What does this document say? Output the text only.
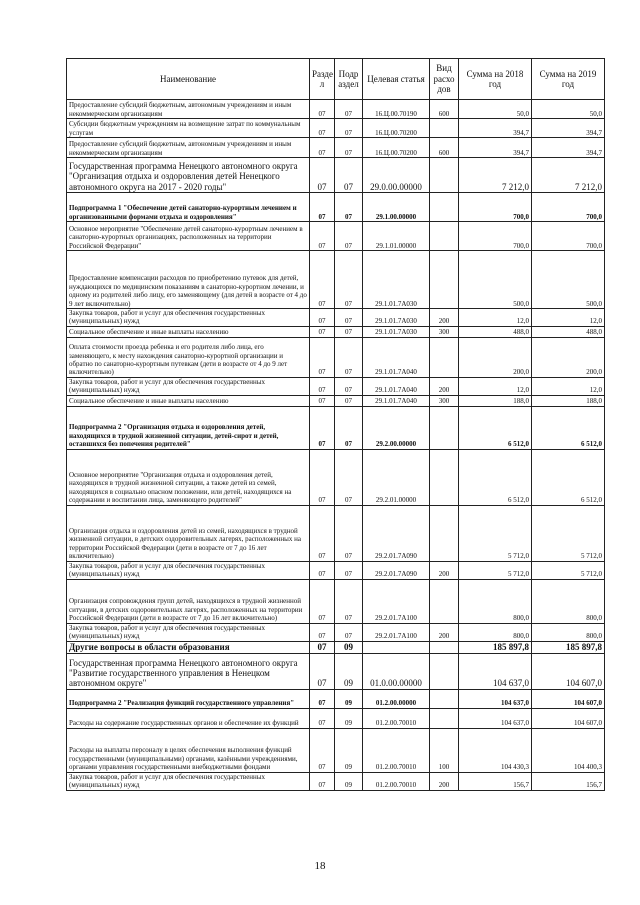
Наименование	Разде л	Подр аздел	Целевая статья	Вид расхо дов	Сумма на 2018 год	Сумма на 2019 год
Предоставление субсидий бюджетным, автономным учреждениям и иным некоммерческим организациям	07	07	16.Ц.00.70190	600	50,0	50,0
Субсидии бюджетным учреждениям на возмещение затрат по коммунальным услугам	07	07	16.Ц.00.70200		394,7	394,7
Предоставление субсидий бюджетным, автономным учреждениям и иным некоммерческим организациям	07	07	16.Ц.00.70200	600	394,7	394,7
Государственная программа Ненецкого автономного округа "Организация отдыха и оздоровления детей Ненецкого автономного округа на 2017 - 2020 годы"	07	07	29.0.00.00000		7 212,0	7 212,0
Подпрограмма 1 "Обеспечение детей санаторно-курортным лечением и организованными формами отдыха и оздоровления"	07	07	29.1.00.00000		700,0	700,0
Основное мероприятие "Обеспечение детей санаторно-курортным лечением в санаторно-курортных организациях, расположенных на территории Российской Федерации"	07	07	29.1.01.00000		700,0	700,0
Предоставление компенсации расходов по приобретению путевок для детей, нуждающихся по медицинским показаниям в санаторно-курортном лечении, и одному из родителей либо лицу, его заменяющему (для детей в возрасте от 4 до 9 лет включительно)	07	07	29.1.01.7А030		500,0	500,0
Закупка товаров, работ и услуг для обеспечения государственных (муниципальных) нужд	07	07	29.1.01.7А030	200	12,0	12,0
Социальное обеспечение и иные выплаты населению	07	07	29.1.01.7А030	300	488,0	488,0
Оплата стоимости проезда ребенка и его родителя либо лица, его заменяющего, к месту нахождения санаторно-курортной организации и обратно по санаторно-курортным путевкам (дети в возрасте от 4 до 9 лет включительно)	07	07	29.1.01.7А040		200,0	200,0
Закупка товаров, работ и услуг для обеспечения государственных (муниципальных) нужд	07	07	29.1.01.7А040	200	12,0	12,0
Социальное обеспечение и иные выплаты населению	07	07	29.1.01.7А040	300	188,0	188,0
Подпрограмма 2 "Организация отдыха и оздоровления детей, находящихся в трудной жизненной ситуации, детей-сирот и детей, оставшихся без попечения родителей"	07	07	29.2.00.00000		6 512,0	6 512,0
Основное мероприятие "Организация отдыха и оздоровления детей, находящихся в трудной жизненной ситуации, а также детей из семей, находящихся в социально опасном положении, или детей, находящихся на содержании и воспитании лица, заменяющего родителей"	07	07	29.2.01.00000		6 512,0	6 512,0
Организация отдыха и оздоровления детей из семей, находящихся в трудной жизненной ситуации, в детских оздоровительных лагерях, расположенных на территории Российской Федерации (дети в возрасте от 7 до 16 лет включительно)	07	07	29.2.01.7А090		5 712,0	5 712,0
Закупка товаров, работ и услуг для обеспечения государственных (муниципальных) нужд	07	07	29.2.01.7А090	200	5 712,0	5 712,0
Организация сопровождения групп детей, находящихся в трудной жизненной ситуации, в детских оздоровительных лагерях, расположенных на территории Российской Федерации (дети в возрасте от 7 до 16 лет включительно)	07	07	29.2.01.7А100		800,0	800,0
Закупка товаров, работ и услуг для обеспечения государственных (муниципальных) нужд	07	07	29.2.01.7А100	200	800,0	800,0
Другие вопросы в области образования	07	09			185 897,8	185 897,8
Государственная программа Ненецкого автономного округа "Развитие государственного управления в Ненецком автономном округе"	07	09	01.0.00.00000		104 637,0	104 607,0
Подпрограмма 2 "Реализация функций государственного управления"	07	09	01.2.00.00000		104 637,0	104 607,0
Расходы на содержание государственных органов и обеспечение их функций	07	09	01.2.00.70010		104 637,0	104 607,0
Расходы на выплаты персоналу в целях обеспечения выполнения функций государственными (муниципальными) органами, казёнными учреждениями, органами управления государственными внебюджетными фондами	07	09	01.2.00.70010	100	104 430,3	104 400,3
Закупка товаров, работ и услуг для обеспечения государственных (муниципальных) нужд	07	09	01.2.00.70010	200	156,7	156,7
18
